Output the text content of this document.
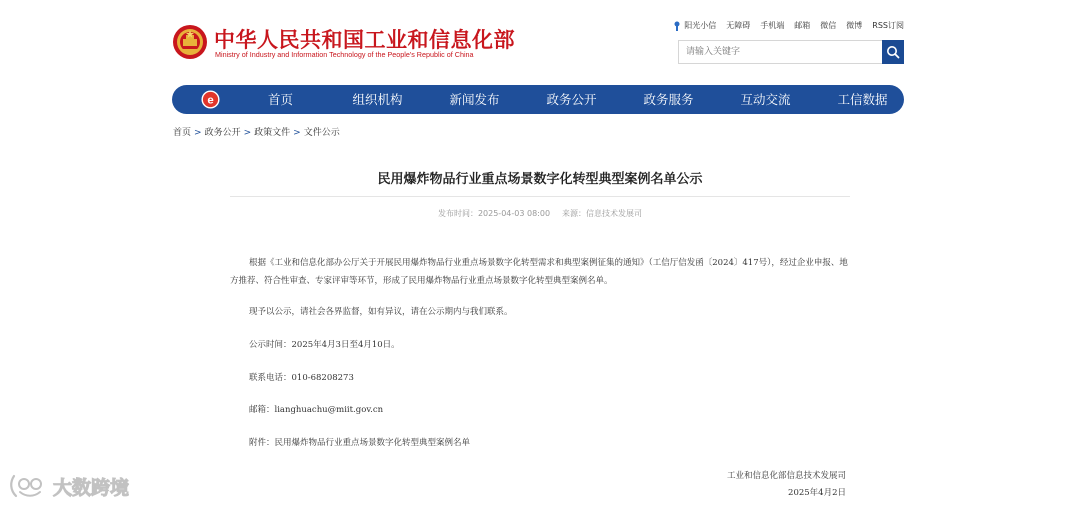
中华人民共和国工业和信息化部
Ministry of Industry and Information Technology of the People's Republic of China
阳光小信 无障碍 手机端 邮箱 微信 微博 RSS订阅
请输入关键字
e	首页	组织机构	新闻发布	政务公开	政务服务	互动交流	工信数据
首页 > 政务公开 > 政策文件 > 文件公示
民用爆炸物品行业重点场景数字化转型典型案例名单公示
发布时间：2025-04-03 08:00 来源：信息技术发展司

根据《工业和信息化部办公厅关于开展民用爆炸物品行业重点场景数字化转型需求和典型案例征集的通知》（工信厅信发函〔2024〕417号），经过企业申报、地方推荐、符合性审查、专家评审等环节，形成了民用爆炸物品行业重点场景数字化转型典型案例名单。

现予以公示，请社会各界监督，如有异议，请在公示期内与我们联系。

公示时间：2025年4月3日至4月10日。

联系电话：010-68208273

邮箱：lianghuachu@miit.gov.cn

附件：民用爆炸物品行业重点场景数字化转型典型案例名单

工业和信息化部信息技术发展司
2025年4月2日
大数跨境
